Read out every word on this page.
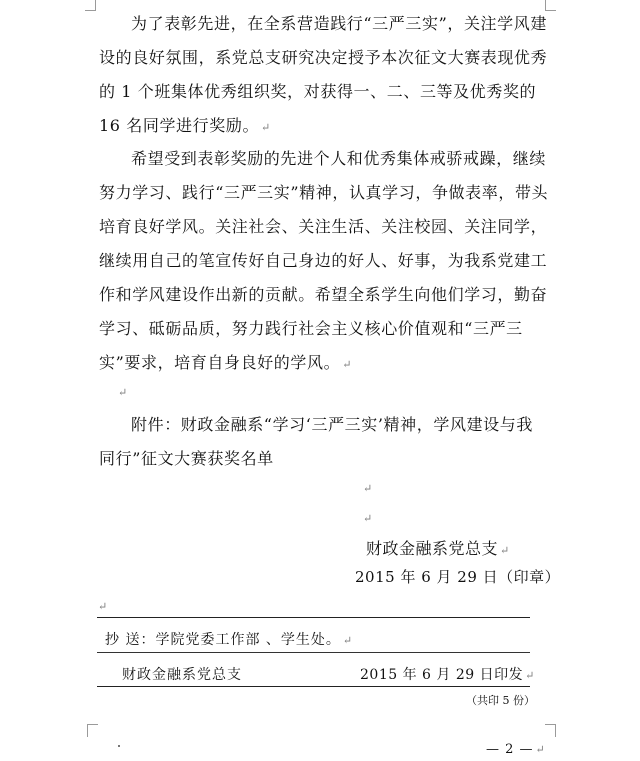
为了表彰先进，在全系营造践行“三严三实”，关注学风建设的良好氛围，系党总支研究决定授予本次征文大赛表现优秀的 1 个班集体优秀组织奖，对获得一、二、三等及优秀奖的 16 名同学进行奖励。 ↵

希望受到表彰奖励的先进个人和优秀集体戒骄戒躁，继续努力学习、践行“三严三实”精神，认真学习，争做表率，带头培育良好学风。关注社会、关注生活、关注校园、关注同学，继续用自己的笔宣传好自己身边的好人、好事，为我系党建工作和学风建设作出新的贡献。希望全系学生向他们学习，勤奋学习、砥砺品质，努力践行社会主义核心价值观和“三严三实”要求，培育自身良好的学风。 ↵

↵

附件：财政金融系“学习‘三严三实’精神，学风建设与我同行”征文大赛获奖名单

↵
↵
财政金融系党总支 ↵
2015 年 6 月 29 日（印章）
↵
抄 送：学院党委工作部 、学生处。 ↵
财政金融系党总支	2015 年 6 月 29 日印发 ↵
（共印 5 份）
— 2 — ↵
